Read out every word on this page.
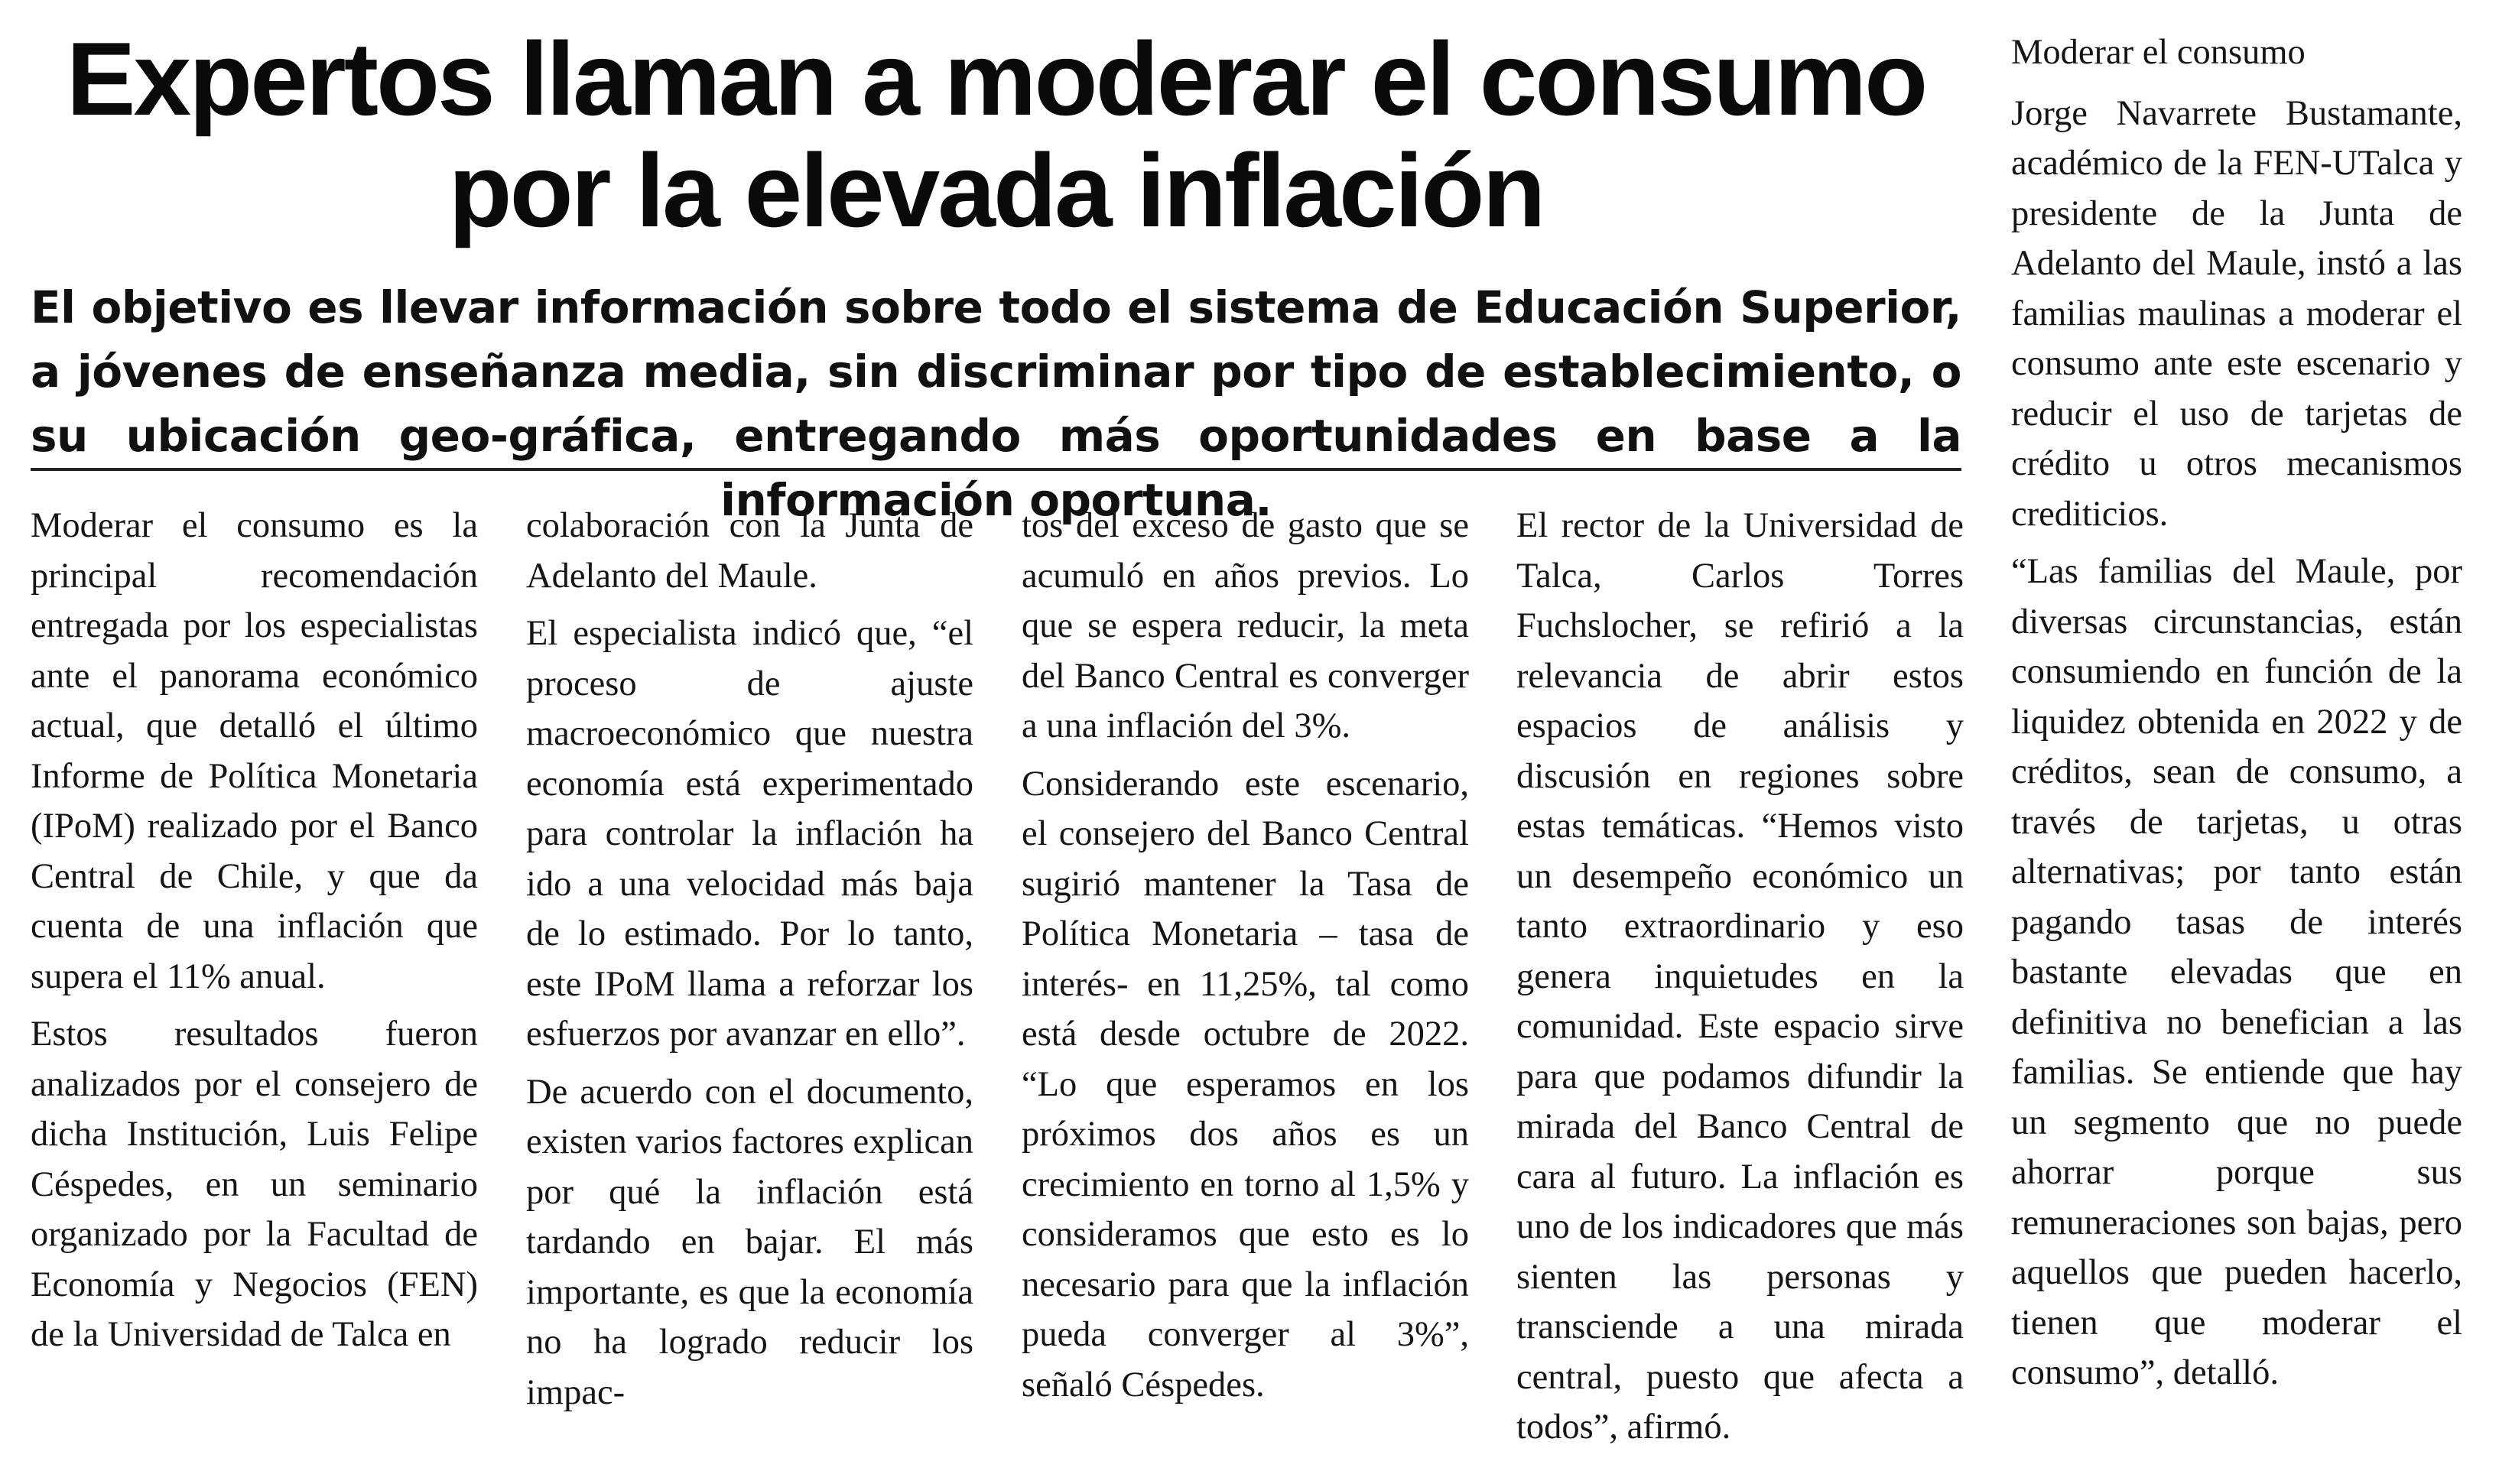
Expertos llaman a moderar el consumo por la elevada inflación

El objetivo es llevar información sobre todo el sistema de Educación Superior, a jóvenes de enseñanza media, sin discriminar por tipo de establecimiento, o su ubicación geo-gráfica, entregando más oportunidades en base a la información oportuna.

Moderar el consumo es la principal recomendación entregada por los especialistas ante el panorama económico actual, que detalló el último Informe de Política Monetaria (IPoM) realizado por el Banco Central de Chile, y que da cuenta de una inflación que supera el 11% anual.

Estos resultados fueron analizados por el consejero de dicha Institución, Luis Felipe Céspedes, en un seminario organizado por la Facultad de Economía y Negocios (FEN) de la Universidad de Talca en

colaboración con la Junta de Adelanto del Maule.

El especialista indicó que, “el proceso de ajuste macroeconómico que nuestra economía está experimentado para controlar la inflación ha ido a una velocidad más baja de lo estimado. Por lo tanto, este IPoM llama a reforzar los esfuerzos por avanzar en ello”.

De acuerdo con el documento, existen varios factores explican por qué la inflación está tardando en bajar. El más importante, es que la economía no ha logrado reducir los impac-

tos del exceso de gasto que se acumuló en años previos. Lo que se espera reducir, la meta del Banco Central es converger a una inflación del 3%.

Considerando este escenario, el consejero del Banco Central sugirió mantener la Tasa de Política Monetaria – tasa de interés- en 11,25%, tal como está desde octubre de 2022. “Lo que esperamos en los próximos dos años es un crecimiento en torno al 1,5% y consideramos que esto es lo necesario para que la inflación pueda converger al 3%”, señaló Céspedes.

El rector de la Universidad de Talca, Carlos Torres Fuchslocher, se refirió a la relevancia de abrir estos espacios de análisis y discusión en regiones sobre estas temáticas. “Hemos visto un desempeño económico un tanto extraordinario y eso genera inquietudes en la comunidad. Este espacio sirve para que podamos difundir la mirada del Banco Central de cara al futuro. La inflación es uno de los indicadores que más sienten las personas y transciende a una mirada central, puesto que afecta a todos”, afirmó.

Moderar el consumo

Jorge Navarrete Bustamante, académico de la FEN-UTalca y presidente de la Junta de Adelanto del Maule, instó a las familias maulinas a moderar el consumo ante este escenario y reducir el uso de tarjetas de crédito u otros mecanismos crediticios.

“Las familias del Maule, por diversas circunstancias, están consumiendo en función de la liquidez obtenida en 2022 y de créditos, sean de consumo, a través de tarjetas, u otras alternativas; por tanto están pagando tasas de interés bastante elevadas que en definitiva no benefician a las familias. Se entiende que hay un segmento que no puede ahorrar porque sus remuneraciones son bajas, pero aquellos que pueden hacerlo, tienen que moderar el consumo”, detalló.
